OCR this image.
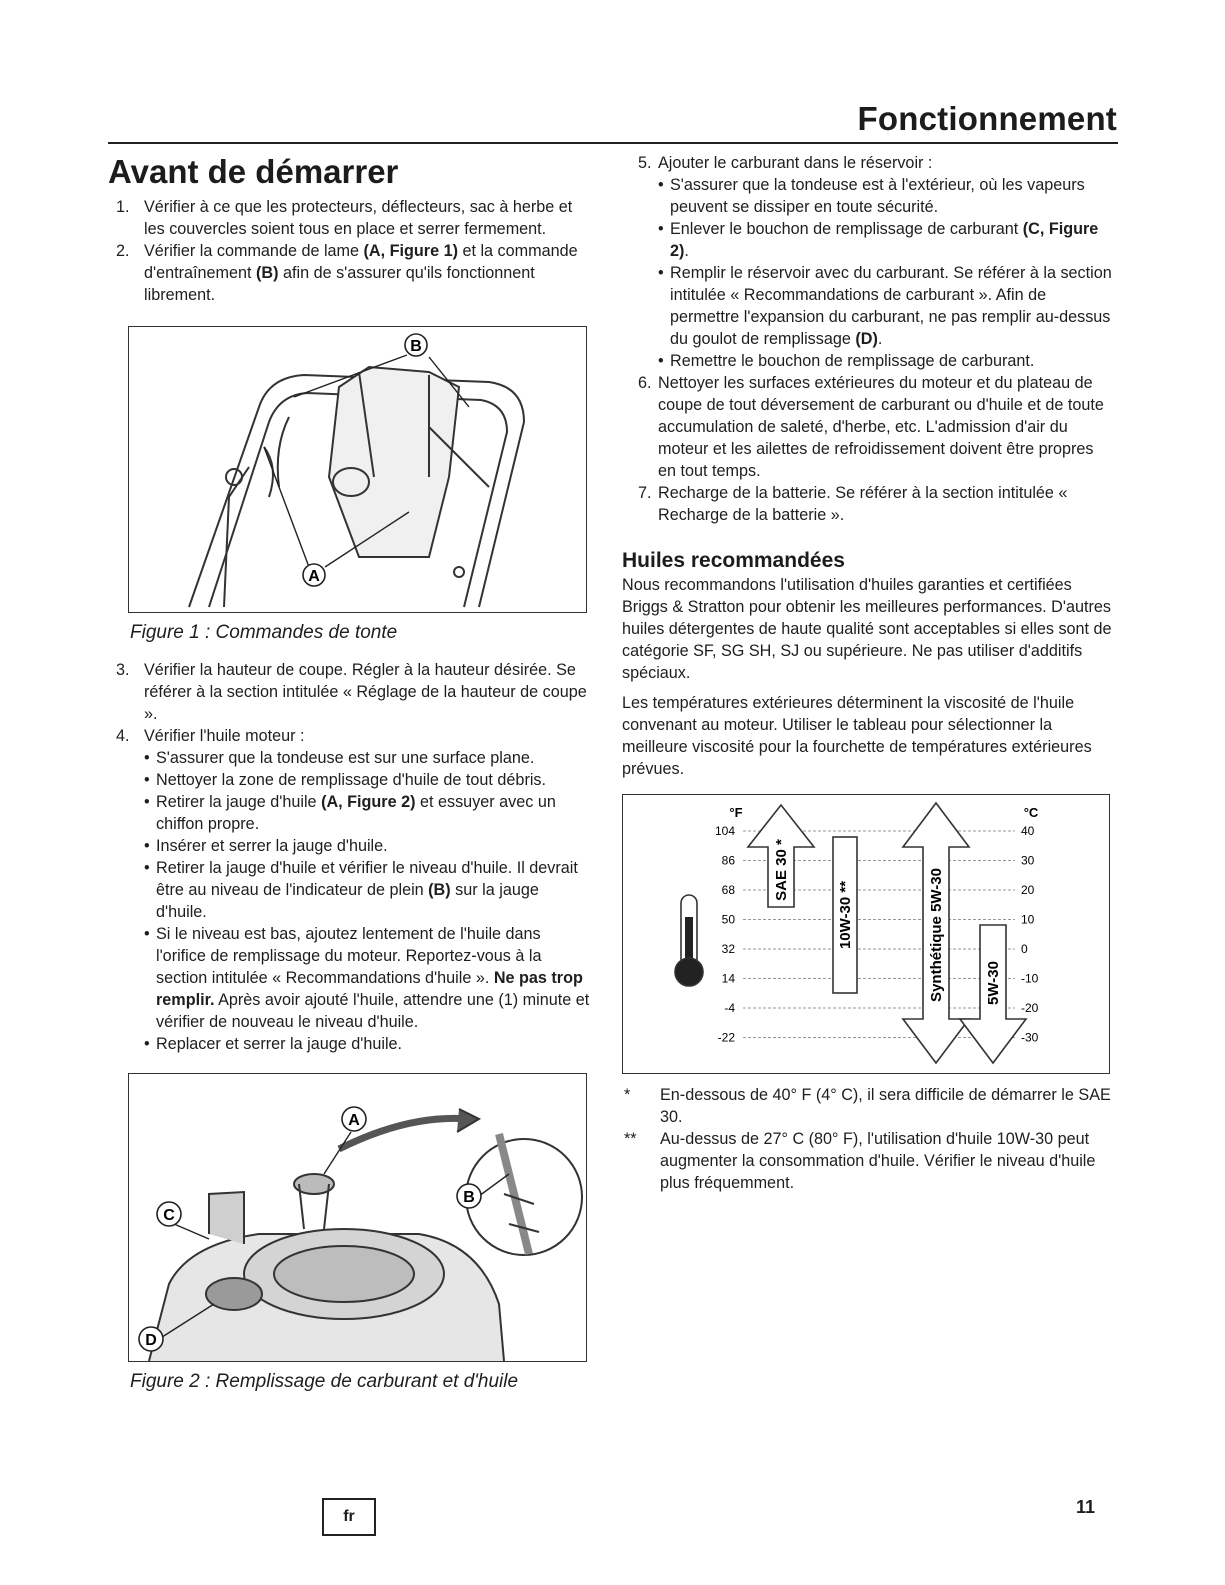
Fonctionnement
Avant de démarrer
1. Vérifier à ce que les protecteurs, déflecteurs, sac à herbe et les couvercles soient tous en place et serrer fermement.
2. Vérifier la commande de lame (A, Figure 1) et la commande d'entraînement (B) afin de s'assurer qu'ils fonctionnent librement.
B
A
Figure 1 : Commandes de tonte
3. Vérifier la hauteur de coupe. Régler à la hauteur désirée. Se référer à la section intitulée « Réglage de la hauteur de coupe ».
4. Vérifier l'huile moteur :
• S'assurer que la tondeuse est sur une surface plane.
• Nettoyer la zone de remplissage d'huile de tout débris.
• Retirer la jauge d'huile (A, Figure 2) et essuyer avec un chiffon propre.
• Insérer et serrer la jauge d'huile.
• Retirer la jauge d'huile et vérifier le niveau d'huile. Il devrait être au niveau de l'indicateur de plein (B) sur la jauge d'huile.
• Si le niveau est bas, ajoutez lentement de l'huile dans l'orifice de remplissage du moteur. Reportez-vous à la section intitulée « Recommandations d'huile ». Ne pas trop remplir. Après avoir ajouté l'huile, attendre une (1) minute et vérifier de nouveau le niveau d'huile.
• Replacer et serrer la jauge d'huile.
A
B
C
D
Figure 2 : Remplissage de carburant et d'huile
5. Ajouter le carburant dans le réservoir :
• S'assurer que la tondeuse est à l'extérieur, où les vapeurs peuvent se dissiper en toute sécurité.
• Enlever le bouchon de remplissage de carburant (C, Figure 2).
• Remplir le réservoir avec du carburant. Se référer à la section intitulée « Recommandations de carburant ». Afin de permettre l'expansion du carburant, ne pas remplir au-dessus du goulot de remplissage (D).
• Remettre le bouchon de remplissage de carburant.
6. Nettoyer les surfaces extérieures du moteur et du plateau de coupe de tout déversement de carburant ou d'huile et de toute accumulation de saleté, d'herbe, etc. L'admission d'air du moteur et les ailettes de refroidissement doivent être propres en tout temps.
7. Recharge de la batterie. Se référer à la section intitulée « Recharge de la batterie ».
Huiles recommandées

Nous recommandons l'utilisation d'huiles garanties et certifiées Briggs & Stratton pour obtenir les meilleures performances. D'autres huiles détergentes de haute qualité sont acceptables si elles sont de catégorie SF, SG SH, SJ ou supérieure. Ne pas utiliser d'additifs spéciaux.

Les températures extérieures déterminent la viscosité de l'huile convenant au moteur. Utiliser le tableau pour sélectionner la meilleure viscosité pour la fourchette de températures extérieures prévues.

104	40
86	30
68	20
50	10
32	0
14	-10
-4	-20
-22	-30
°F	°C
SAE 30 *
10W-30 **	Synthétique 5W-30	5W-30
* En-dessous de 40° F (4° C), il sera difficile de démarrer le SAE 30.
** Au-dessus de 27° C (80° F), l'utilisation d'huile 10W-30 peut augmenter la consommation d'huile. Vérifier le niveau d'huile plus fréquemment.
fr	11
